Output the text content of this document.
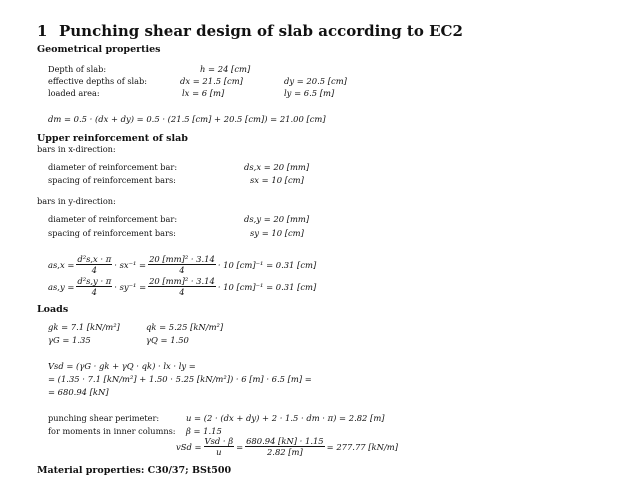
1 Punching shear design of slab according to EC2
Geometrical properties
Depth of slab:	h = 24 [cm]
effective depths of slab:	dx = 21.5 [cm]	dy = 20.5 [cm]
loaded area:	lx = 6 [m]	ly = 6.5 [m]
dm = 0.5 · (dx + dy) = 0.5 · (21.5 [cm] + 20.5 [cm]) = 21.00 [cm]
Upper reinforcement of slab
bars in x-direction:
diameter of reinforcement bar:	ds,x = 20 [mm]
spacing of reinforcement bars:	sx = 10 [cm]
bars in y-direction:
diameter of reinforcement bar:	ds,y = 20 [mm]
spacing of reinforcement bars:	sy = 10 [cm]
$as,x = \frac{\text{d²s,x · π}}{4} \cdot sx^{-1} = \frac{\text{20 [mm]² · 3.14}}{4} \cdot 10$ [cm]⁻¹ = 0.31 [cm]
$as,y = \frac{\text{d²s,y · π}}{4} \cdot sy^{-1} = \frac{\text{20 [mm]² · 3.14}}{4} \cdot 10$ [cm]⁻¹ = 0.31 [cm]
Loads
gk = 7.1 [kN/m²]	qk = 5.25 [kN/m²]
γG = 1.35	γQ = 1.50
Vsd = (γG · gk + γQ · qk) · lx · ly =
= (1.35 · 7.1 [kN/m²] + 1.50 · 5.25 [kN/m²]) · 6 [m] · 6.5 [m] =
= 680.94 [kN]
punching shear perimeter:	u = (2 · (dx + dy) + 2 · 1.5 · dm · π) = 2.82 [m]
for moments in inner columns: β = 1.15
vSd = $\frac{\text{Vsd · β}}{u} = \frac{680.94 [kN] \cdot 1.15}{2.82 [m]} = 277.77$ [kN/m]
Material properties: C30/37; BSt500
